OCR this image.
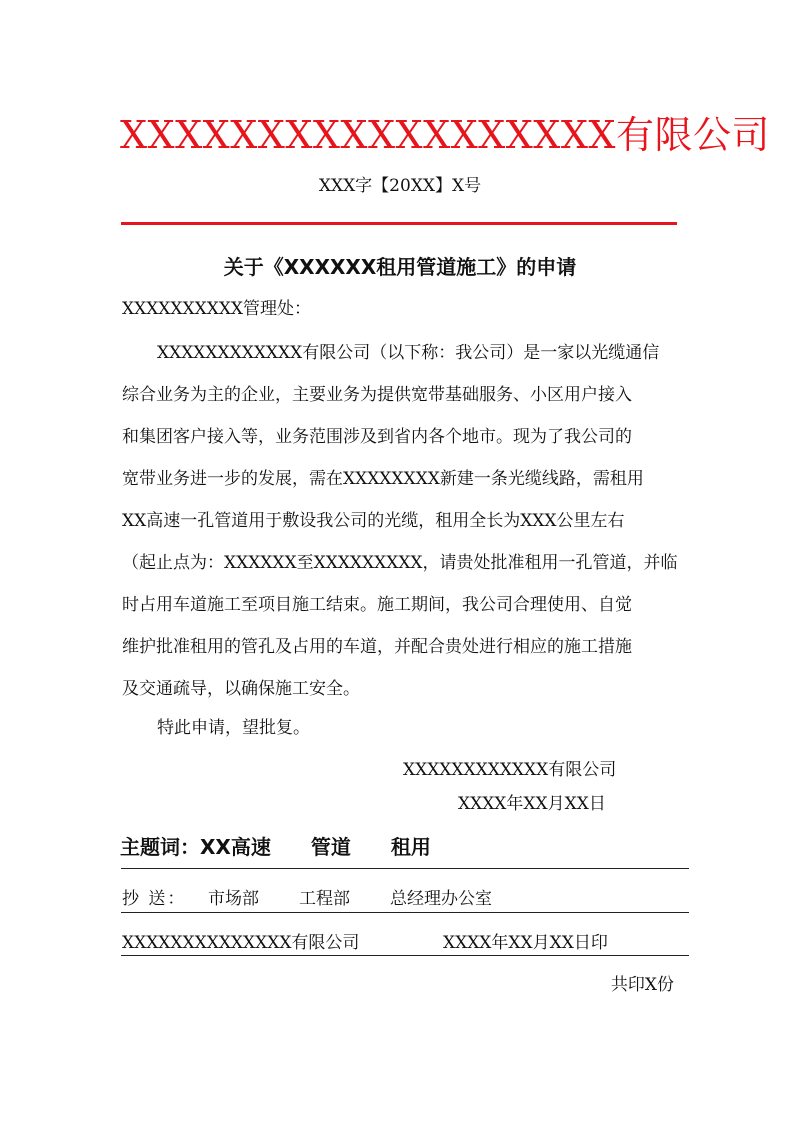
XXXXXXXXXXXXXXXXXX有限公司
XXX字【20XX】X号
关于《XXXXXX租用管道施工》的申请
XXXXXXXXXX管理处：
XXXXXXXXXXXX有限公司（以下称：我公司）是一家以光缆通信
综合业务为主的企业，主要业务为提供宽带基础服务、小区用户接入
和集团客户接入等，业务范围涉及到省内各个地市。现为了我公司的
宽带业务进一步的发展，需在XXXXXXXX新建一条光缆线路，需租用
XX高速一孔管道用于敷设我公司的光缆，租用全长为XXX公里左右
（起止点为：XXXXXX至XXXXXXXXX，请贵处批准租用一孔管道，并临
时占用车道施工至项目施工结束。施工期间，我公司合理使用、自觉
维护批准租用的管孔及占用的车道，并配合贵处进行相应的施工措施
及交通疏导，以确保施工安全。
特此申请，望批复。
XXXXXXXXXXXX有限公司
XXXX年XX月XX日
主题词： XX高速 管道 租用
抄 送：	市场部 工程部 总经理办公室
XXXXXXXXXXXXXX有限公司	XXXX年XX月XX日印
共印X份
